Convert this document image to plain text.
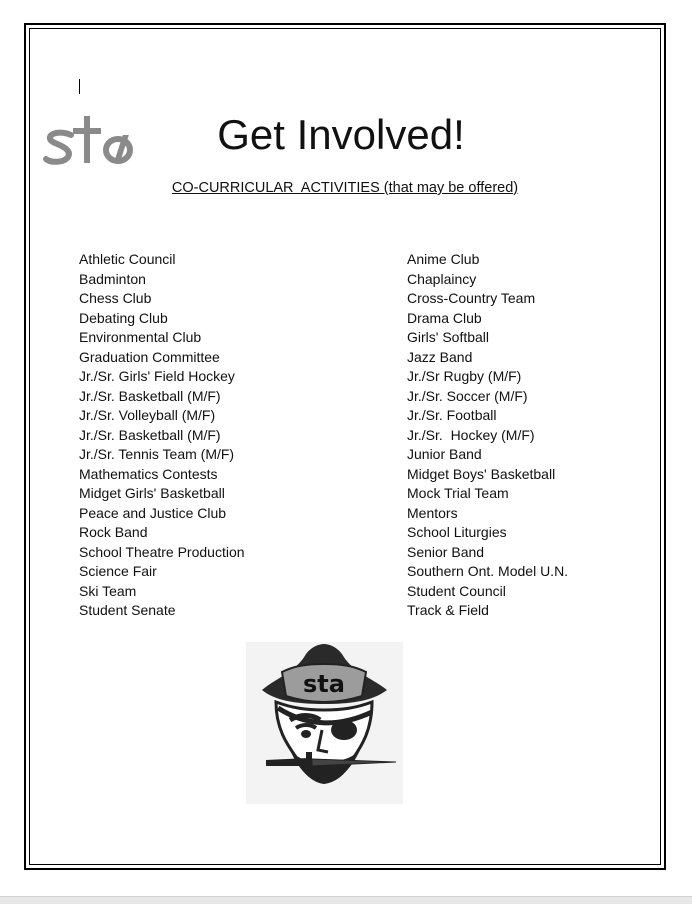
Get Involved!
CO-CURRICULAR  ACTIVITIES (that may be offered)
Athletic Council
Badminton
Chess Club
Debating Club
Environmental Club
Graduation Committee
Jr./Sr. Girls' Field Hockey
Jr./Sr. Basketball (M/F)
Jr./Sr. Volleyball (M/F)
Jr./Sr. Basketball (M/F)
Jr./Sr. Tennis Team (M/F)
Mathematics Contests
Midget Girls' Basketball
Peace and Justice Club
Rock Band
School Theatre Production
Science Fair
Ski Team
Student Senate
Anime Club
Chaplaincy
Cross-Country Team
Drama Club
Girls' Softball
Jazz Band
Jr./Sr Rugby (M/F)
Jr./Sr. Soccer (M/F)
Jr./Sr. Football
Jr./Sr.  Hockey (M/F)
Junior Band
Midget Boys' Basketball
Mock Trial Team
Mentors
School Liturgies
Senior Band
Southern Ont. Model U.N.
Student Council
Track & Field
sta
